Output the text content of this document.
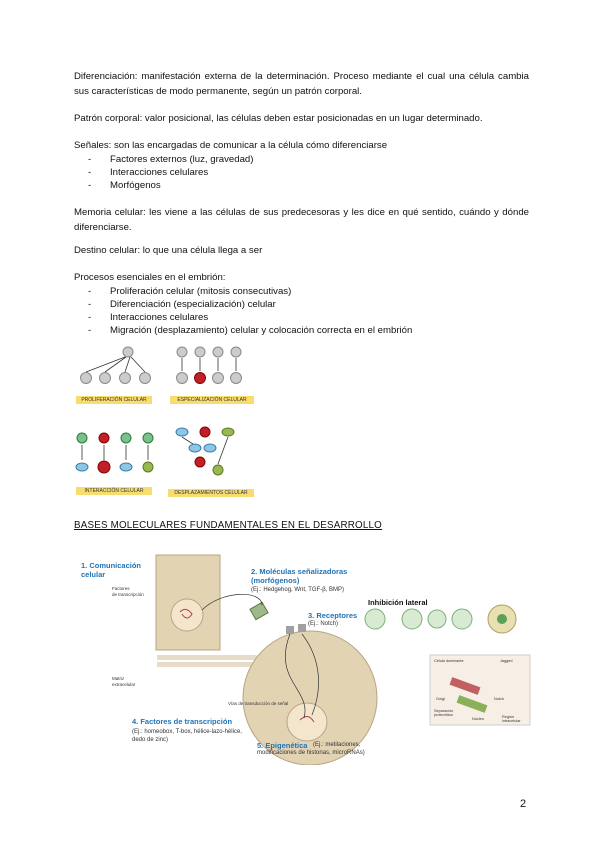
Diferenciación: manifestación externa de la determinación. Proceso mediante el cual una célula cambia sus características de modo permanente, según un patrón corporal.

Patrón corporal: valor posicional, las células deben estar posicionadas en un lugar determinado.

Señales: son las encargadas de comunicar a la célula cómo diferenciarse

- Factores externos (luz, gravedad)
- Interacciones celulares
- Morfógenos

Memoria celular: les viene a las células de sus predecesoras y les dice en qué sentido, cuándo y dónde diferenciarse.

Destino celular: lo que una célula llega a ser

Procesos esenciales en el embrión:

- Proliferación celular (mitosis consecutivas)
- Diferenciación (especialización) celular
- Interacciones celulares
- Migración (desplazamiento) celular y colocación correcta en el embrión
PROLIFERACIÓN CELULAR	ESPECIALIZACIÓN CELULAR
INTERACCIÓN CELULAR	DESPLAZAMIENTOS CELULAR
BASES MOLECULARES FUNDAMENTALES EN EL DESARROLLO
1. Comunicación
celular
Factores
de transcripción
Matriz
extracelular
2. Moléculas señalizadoras
(morfógenos)
(Ej.: Hedgehog, Wnt, TGF-β, BMP)
3. Receptores
(Ej.: Notch)
Inhibición lateral
Vías de transducción de señal
4. Factores de transcripción
(Ej.: homeobox, T-box, hélice-lazo-hélice,
dedo de zinc)
5. Epigenética (Ej.: metilaciones,
modificaciones de histonas, microRNAs)
Célula dominante	Jagged
Notch
Golgi
Separación proteolítica
Núcleo	Región intracelular
2
